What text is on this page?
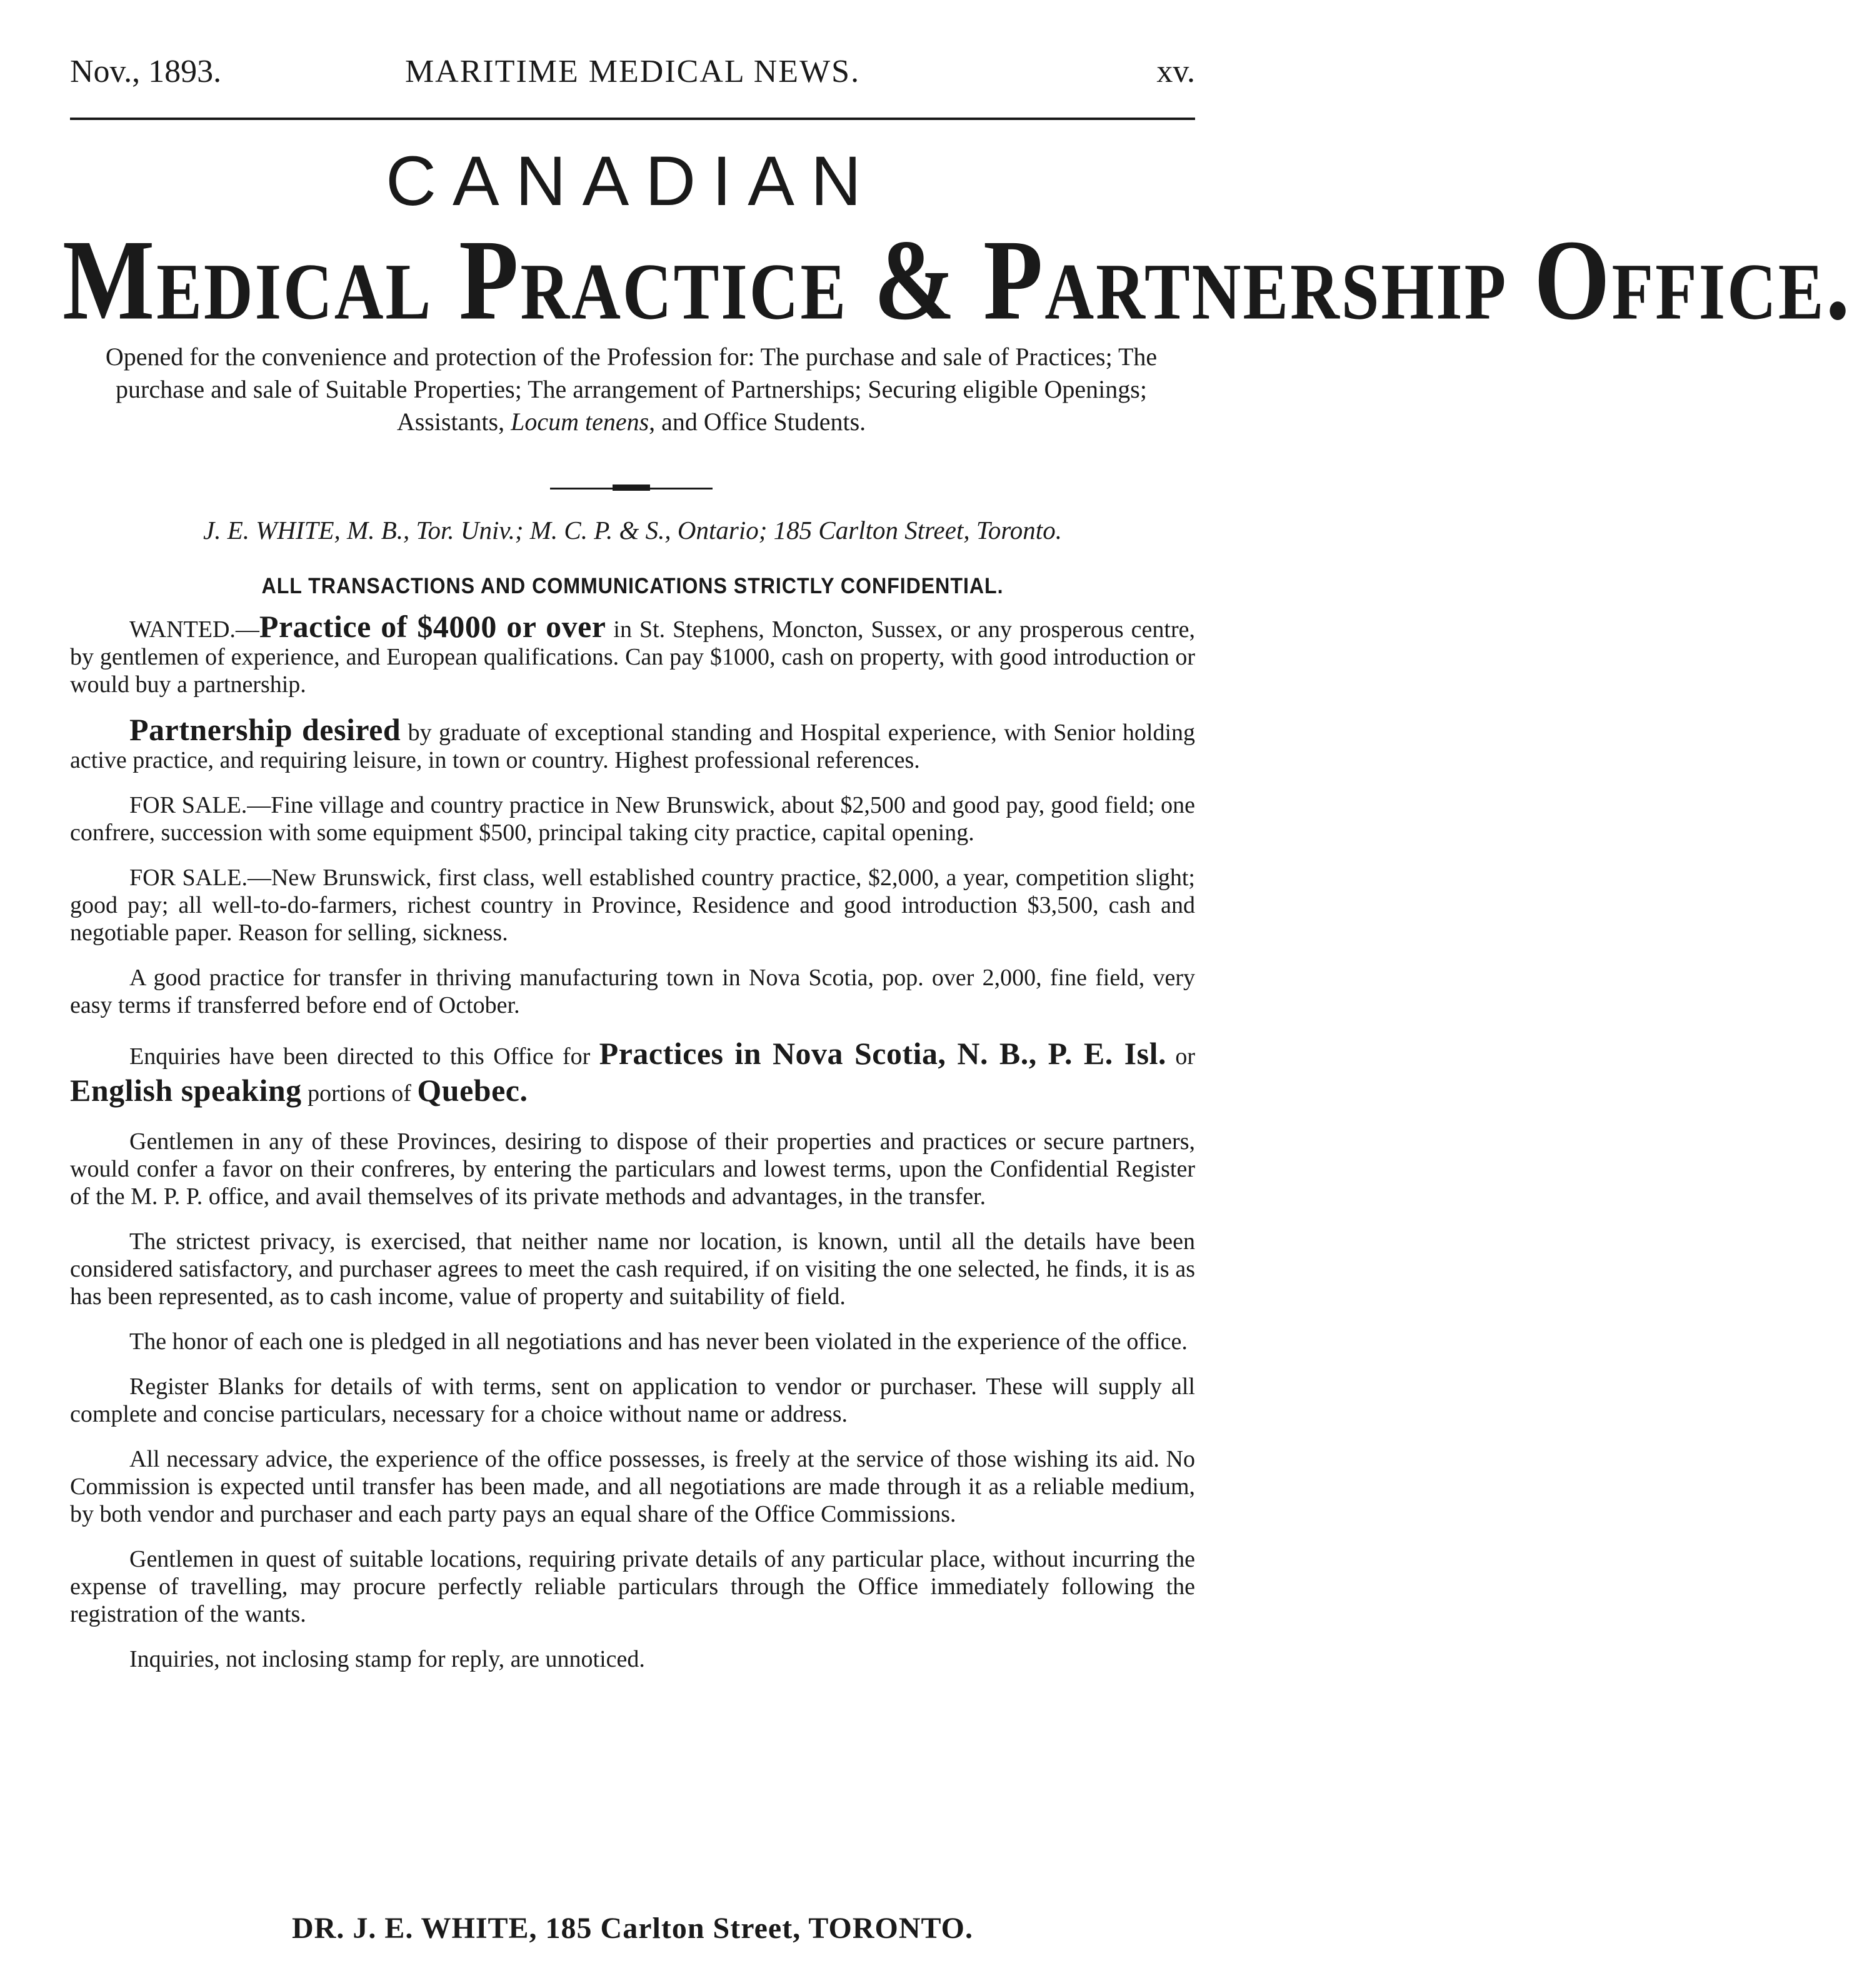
Nov., 1893.	MARITIME MEDICAL NEWS.	xv.
CANADIAN
Medical Practice & Partnership Office.
Opened for the convenience and protection of the Profession for: The purchase and sale of Practices; The purchase and sale of Suitable Properties; The arrangement of Partnerships; Securing eligible Openings; Assistants, Locum tenens, and Office Students.
J. E. WHITE, M. B., Tor. Univ.; M. C. P. & S., Ontario; 185 Carlton Street, Toronto.
ALL TRANSACTIONS AND COMMUNICATIONS STRICTLY CONFIDENTIAL.

WANTED.—Practice of $4000 or over in St. Stephens, Moncton, Sussex, or any prosperous centre, by gentlemen of experience, and European qualifications. Can pay $1000, cash on property, with good introduction or would buy a partnership.

Partnership desired by graduate of exceptional standing and Hospital experience, with Senior holding active practice, and requiring leisure, in town or country. Highest professional references.

FOR SALE.—Fine village and country practice in New Brunswick, about $2,500 and good pay, good field; one confrere, succession with some equipment $500, principal taking city practice, capital opening.

FOR SALE.—New Brunswick, first class, well established country practice, $2,000, a year, competition slight; good pay; all well-to-do-farmers, richest country in Province, Residence and good introduction $3,500, cash and negotiable paper. Reason for selling, sickness.

A good practice for transfer in thriving manufacturing town in Nova Scotia, pop. over 2,000, fine field, very easy terms if transferred before end of October.

Enquiries have been directed to this Office for Practices in Nova Scotia, N. B., P. E. Isl. or English speaking portions of Quebec.

Gentlemen in any of these Provinces, desiring to dispose of their properties and practices or secure partners, would confer a favor on their confreres, by entering the particulars and lowest terms, upon the Confidential Register of the M. P. P. office, and avail themselves of its private methods and advantages, in the transfer.

The strictest privacy, is exercised, that neither name nor location, is known, until all the details have been considered satisfactory, and purchaser agrees to meet the cash required, if on visiting the one selected, he finds, it is as has been represented, as to cash income, value of property and suitability of field.

The honor of each one is pledged in all negotiations and has never been violated in the experience of the office.

Register Blanks for details of with terms, sent on application to vendor or purchaser. These will supply all complete and concise particulars, necessary for a choice without name or address.

All necessary advice, the experience of the office possesses, is freely at the service of those wishing its aid. No Commission is expected until transfer has been made, and all negotiations are made through it as a reliable medium, by both vendor and purchaser and each party pays an equal share of the Office Commissions.

Gentlemen in quest of suitable locations, requiring private details of any particular place, without incurring the expense of travelling, may procure perfectly reliable particulars through the Office immediately following the registration of the wants.

Inquiries, not inclosing stamp for reply, are unnoticed.

DR. J. E. WHITE, 185 Carlton Street, TORONTO.
